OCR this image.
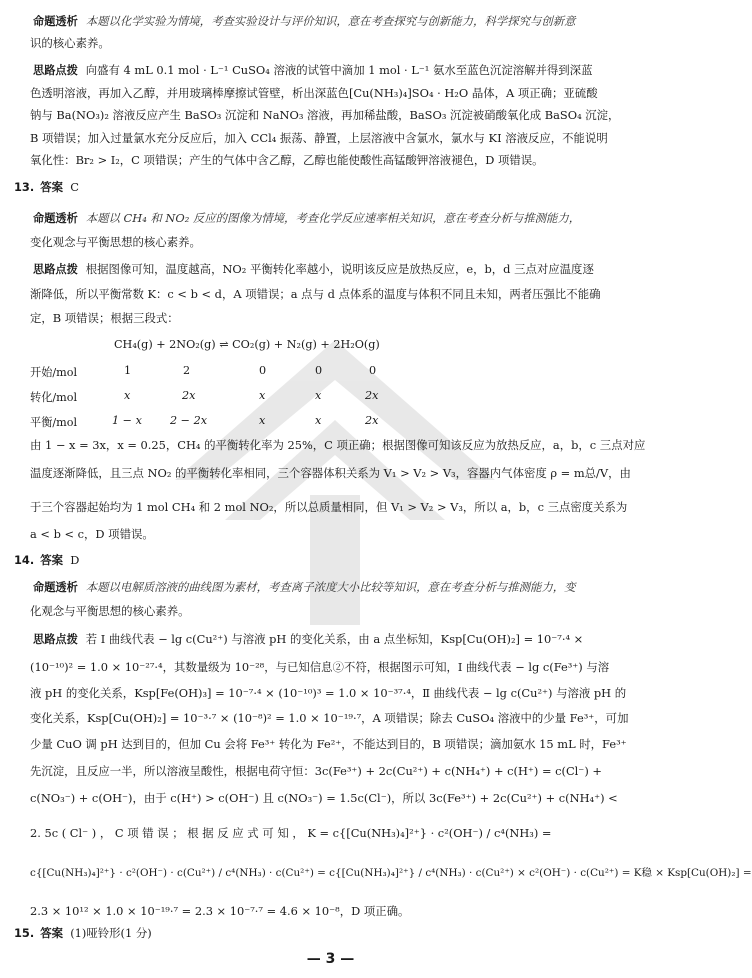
命题透析 本题以化学实验为情境，考查实验设计与评价知识，意在考查探究与创新能力，科学探究与创新意
识的核心素养。
思路点拨 向盛有 4 mL 0.1 mol · L⁻¹ CuSO₄ 溶液的试管中滴加 1 mol · L⁻¹ 氨水至蓝色沉淀溶解并得到深蓝
色透明溶液，再加入乙醇，并用玻璃棒摩擦试管壁，析出深蓝色[Cu(NH₃)₄]SO₄ · H₂O 晶体，A 项正确；亚硫酸
钠与 Ba(NO₃)₂ 溶液反应产生 BaSO₃ 沉淀和 NaNO₃ 溶液，再加稀盐酸，BaSO₃ 沉淀被硝酸氧化成 BaSO₄ 沉淀，
B 项错误；加入过量氯水充分反应后，加入 CCl₄ 振荡、静置，上层溶液中含氯水，氯水与 KI 溶液反应，不能说明
氧化性：Br₂ > I₂，C 项错误；产生的气体中含乙醇，乙醇也能使酸性高锰酸钾溶液褪色，D 项错误。
13. 答案 C
命题透析 本题以 CH₄ 和 NO₂ 反应的图像为情境，考查化学反应速率相关知识，意在考查分析与推测能力，
变化观念与平衡思想的核心素养。
思路点拨 根据图像可知，温度越高，NO₂ 平衡转化率越小，说明该反应是放热反应，e，b，d 三点对应温度逐
渐降低，所以平衡常数 K：c < b < d，A 项错误；a 点与 d 点体系的温度与体积不同且未知，两者压强比不能确
定，B 项错误；根据三段式：
CH₄(g) + 2NO₂(g) ⇌ CO₂(g) + N₂(g) + 2H₂O(g)
开始/mol	1	2	0	0	0
转化/mol	x	2x	x	x	2x
平衡/mol	1 − x	2 − 2x	x	x	2x
由 1 − x = 3x，x = 0.25，CH₄ 的平衡转化率为 25%，C 项正确；根据图像可知该反应为放热反应，a，b，c 三点对应
温度逐渐降低，且三点 NO₂ 的平衡转化率相同，三个容器体积关系为 V₁ > V₂ > V₃，容器内气体密度 ρ = m总/V，由
于三个容器起始均为 1 mol CH₄ 和 2 mol NO₂，所以总质量相同，但 V₁ > V₂ > V₃，所以 a，b，c 三点密度关系为
a < b < c，D 项错误。
14. 答案 D
命题透析 本题以电解质溶液的曲线图为素材，考查离子浓度大小比较等知识，意在考查分析与推测能力，变
化观念与平衡思想的核心素养。
思路点拨 若 Ⅰ 曲线代表 − lg c(Cu²⁺) 与溶液 pH 的变化关系，由 a 点坐标知，Ksp[Cu(OH)₂] = 10⁻⁷·⁴ ×
(10⁻¹⁰)² = 1.0 × 10⁻²⁷·⁴，其数量级为 10⁻²⁸，与已知信息②不符，根据图示可知，Ⅰ 曲线代表 − lg c(Fe³⁺) 与溶
液 pH 的变化关系，Ksp[Fe(OH)₃] = 10⁻⁷·⁴ × (10⁻¹⁰)³ = 1.0 × 10⁻³⁷·⁴，Ⅱ 曲线代表 − lg c(Cu²⁺) 与溶液 pH 的
变化关系，Ksp[Cu(OH)₂] = 10⁻³·⁷ × (10⁻⁸)² = 1.0 × 10⁻¹⁹·⁷，A 项错误；除去 CuSO₄ 溶液中的少量 Fe³⁺，可加
少量 CuO 调 pH 达到目的，但加 Cu 会将 Fe³⁺ 转化为 Fe²⁺，不能达到目的，B 项错误；滴加氨水 15 mL 时，Fe³⁺
先沉淀，且反应一半，所以溶液呈酸性，根据电荷守恒：3c(Fe³⁺) + 2c(Cu²⁺) + c(NH₄⁺) + c(H⁺) = c(Cl⁻) +
c(NO₃⁻) + c(OH⁻)，由于 c(H⁺) > c(OH⁻) 且 c(NO₃⁻) = 1.5c(Cl⁻)，所以 3c(Fe³⁺) + 2c(Cu²⁺) + c(NH₄⁺) <
2. 5c ( Cl⁻ ) ， C 项 错 误 ； 根 据 反 应 式 可 知 ， K = c{[Cu(NH₃)₄]²⁺} · c²(OH⁻) / c⁴(NH₃) =
c{[Cu(NH₃)₄]²⁺} · c²(OH⁻) · c(Cu²⁺) / c⁴(NH₃) · c(Cu²⁺) = c{[Cu(NH₃)₄]²⁺} / c⁴(NH₃) · c(Cu²⁺) × c²(OH⁻) · c(Cu²⁺) = K稳 × Ksp[Cu(OH)₂] =
2.3 × 10¹² × 1.0 × 10⁻¹⁹·⁷ = 2.3 × 10⁻⁷·⁷ = 4.6 × 10⁻⁸，D 项正确。
15. 答案 (1)哑铃形(1 分)
— 3 —
